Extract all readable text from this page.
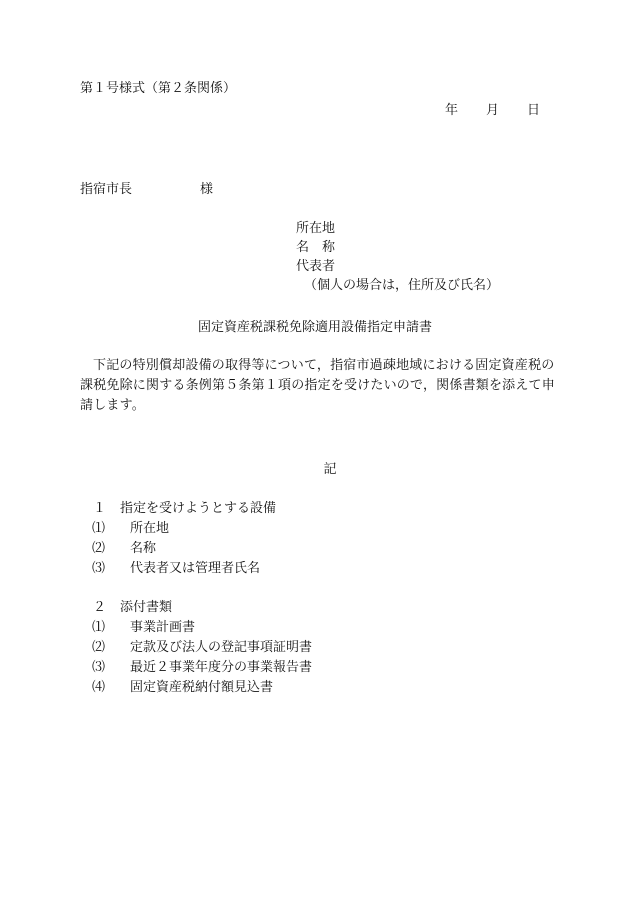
第１号様式（第２条関係）
年 月 日
指宿市長	様
所在地
名　称
代表者
（個人の場合は，住所及び氏名）
固定資産税課税免除適用設備指定申請書
下記の特別償却設備の取得等について，指宿市過疎地域における固定資産税の課税免除に関する条例第５条第１項の指定を受けたいので，関係書類を添えて申請します。
記
１ 指定を受けようとする設備
⑴ 所在地
⑵ 名称
⑶ 代表者又は管理者氏名
２ 添付書類
⑴ 事業計画書
⑵ 定款及び法人の登記事項証明書
⑶ 最近２事業年度分の事業報告書
⑷ 固定資産税納付額見込書
